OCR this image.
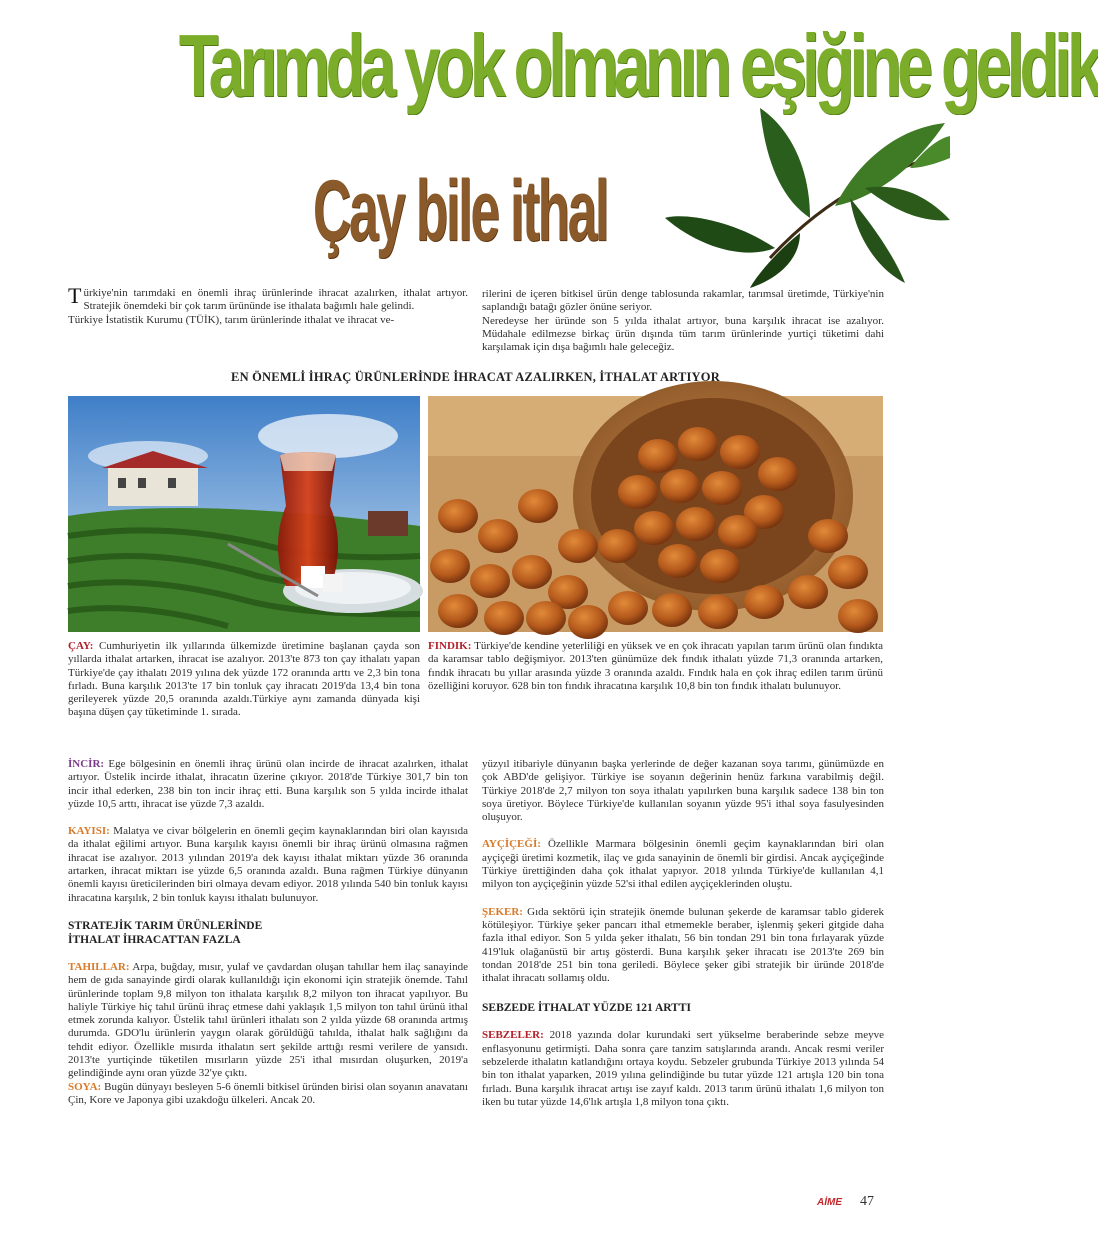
Tarımda yok olmanın eşiğine geldik
Çay bile ithal

Türkiye'nin tarımdaki en önemli ihraç ürünlerinde ihracat azalırken, ithalat artıyor. Stratejik önemdeki bir çok tarım ürününde ise ithalata bağımlı hale gelindi.

Türkiye İstatistik Kurumu (TÜİK), tarım ürünlerinde ithalat ve ihracat ve-

rilerini de içeren bitkisel ürün denge tablosunda rakamlar, tarımsal üretimde, Türkiye'nin saplandığı batağı gözler önüne seriyor.

Neredeyse her üründe son 5 yılda ithalat artıyor, buna karşılık ihracat ise azalıyor. Müdahale edilmezse birkaç ürün dışında tüm tarım ürünlerinde yurtiçi tüketimi dahi karşılamak için dışa bağımlı hale geleceğiz.

EN ÖNEMLİ İHRAÇ ÜRÜNLERİNDE İHRACAT AZALIRKEN, İTHALAT ARTIYOR

ÇAY: Cumhuriyetin ilk yıllarında ülkemizde üretimine başlanan çayda son yıllarda ithalat artarken, ihracat ise azalıyor. 2013'te 873 ton çay ithalatı yapan Türkiye'de çay ithalatı 2019 yılına dek yüzde 172 oranında arttı ve 2,3 bin tona fırladı. Buna karşılık 2013'te 17 bin tonluk çay ihracatı 2019'da 13,4 bin tona gerileyerek yüzde 20,5 oranında azaldı.Türkiye aynı zamanda dünyada kişi başına düşen çay tüketiminde 1. sırada.

FINDIK: Türkiye'de kendine yeterliliği en yüksek ve en çok ihracatı yapılan tarım ürünü olan fındıkta da karamsar tablo değişmiyor. 2013'ten günümüze dek fındık ithalatı yüzde 71,3 oranında artarken, fındık ihracatı bu yıllar arasında yüzde 3 oranında azaldı. Fındık hala en çok ihraç edilen tarım ürünü özelliğini koruyor. 628 bin ton fındık ihracatına karşılık 10,8 bin ton fındık ithalatı bulunuyor.

İNCİR: Ege bölgesinin en önemli ihraç ürünü olan incirde de ihracat azalırken, ithalat artıyor. Üstelik incirde ithalat, ihracatın üzerine çıkıyor. 2018'de Türkiye 301,7 bin ton incir ithal ederken, 238 bin ton incir ihraç etti. Buna karşılık son 5 yılda incirde ithalat yüzde 10,5 arttı, ihracat ise yüzde 7,3 azaldı.

KAYISI: Malatya ve civar bölgelerin en önemli geçim kaynaklarından biri olan kayısıda da ithalat eğilimi artıyor. Buna karşılık kayısı önemli bir ihraç ürünü olmasına rağmen ihracat ise azalıyor. 2013 yılından 2019'a dek kayısı ithalat miktarı yüzde 36 oranında artarken, ihracat miktarı ise yüzde 6,5 oranında azaldı. Buna rağmen Türkiye dünyanın önemli kayısı üreticilerinden biri olmaya devam ediyor. 2018 yılında 540 bin tonluk kayısı ihracatına karşılık, 2 bin tonluk kayısı ithalatı bulunuyor.

STRATEJİK TARIM ÜRÜNLERİNDE

İTHALAT İHRACATTAN FAZLA

TAHILLAR: Arpa, buğday, mısır, yulaf ve çavdardan oluşan tahıllar hem ilaç sanayinde hem de gıda sanayinde girdi olarak kullanıldığı için ekonomi için stratejik önemde. Tahıl ürünlerinde toplam 9,8 milyon ton ithalata karşılık 8,2 milyon ton ihracat yapılıyor. Bu haliyle Türkiye hiç tahıl ürünü ihraç etmese dahi yaklaşık 1,5 milyon ton tahıl ürünü ithal etmek zorunda kalıyor. Üstelik tahıl ürünleri ithalatı son 2 yılda yüzde 68 oranında artmış durumda. GDO'lu ürünlerin yaygın olarak görüldüğü tahılda, ithalat halk sağlığını da tehdit ediyor. Özellikle mısırda ithalatın sert şekilde arttığı resmi verilere de yansıdı. 2013'te yurtiçinde tüketilen mısırların yüzde 25'i ithal mısırdan oluşurken, 2019'a gelindiğinde aynı oran yüzde 32'ye çıktı.

SOYA: Bugün dünyayı besleyen 5-6 önemli bitkisel üründen birisi olan soyanın anavatanı Çin, Kore ve Japonya gibi uzakdoğu ülkeleri. Ancak 20.

yüzyıl itibariyle dünyanın başka yerlerinde de değer kazanan soya tarımı, günümüzde en çok ABD'de gelişiyor. Türkiye ise soyanın değerinin henüz farkına varabilmiş değil. Türkiye 2018'de 2,7 milyon ton soya ithalatı yapılırken buna karşılık sadece 138 bin ton soya üretiyor. Böylece Türkiye'de kullanılan soyanın yüzde 95'i ithal soya fasulyesinden oluşuyor.

AYÇİÇEĞİ: Özellikle Marmara bölgesinin önemli geçim kaynaklarından biri olan ayçiçeği üretimi kozmetik, ilaç ve gıda sanayinin de önemli bir girdisi. Ancak ayçiçeğinde Türkiye ürettiğinden daha çok ithalat yapıyor. 2018 yılında Türkiye'de kullanılan 4,1 milyon ton ayçiçeğinin yüzde 52'si ithal edilen ayçiçeklerinden oluştu.

ŞEKER: Gıda sektörü için stratejik önemde bulunan şekerde de karamsar tablo giderek kötüleşiyor. Türkiye şeker pancarı ithal etmemekle beraber, işlenmiş şekeri gitgide daha fazla ithal ediyor. Son 5 yılda şeker ithalatı, 56 bin tondan 291 bin tona fırlayarak yüzde 419'luk olağanüstü bir artış gösterdi. Buna karşılık şeker ihracatı ise 2013'te 269 bin tondan 2018'de 251 bin tona geriledi. Böylece şeker gibi stratejik bir üründe 2018'de ithalat ihracatı sollamış oldu.

SEBZEDE İTHALAT YÜZDE 121 ARTTI

SEBZELER: 2018 yazında dolar kurundaki sert yükselme beraberinde sebze meyve enflasyonunu getirmişti. Daha sonra çare tanzim satışlarında arandı. Ancak resmi veriler sebzelerde ithalatın katlandığını ortaya koydu. Sebzeler grubunda Türkiye 2013 yılında 54 bin ton ithalat yaparken, 2019 yılına gelindiğinde bu tutar yüzde 121 artışla 120 bin tona fırladı. Buna karşılık ihracat artışı ise zayıf kaldı. 2013 tarım ürünü ithalatı 1,6 milyon ton iken bu tutar yüzde 14,6'lık artışla 1,8 milyon tona çıktı.

AİME 47
